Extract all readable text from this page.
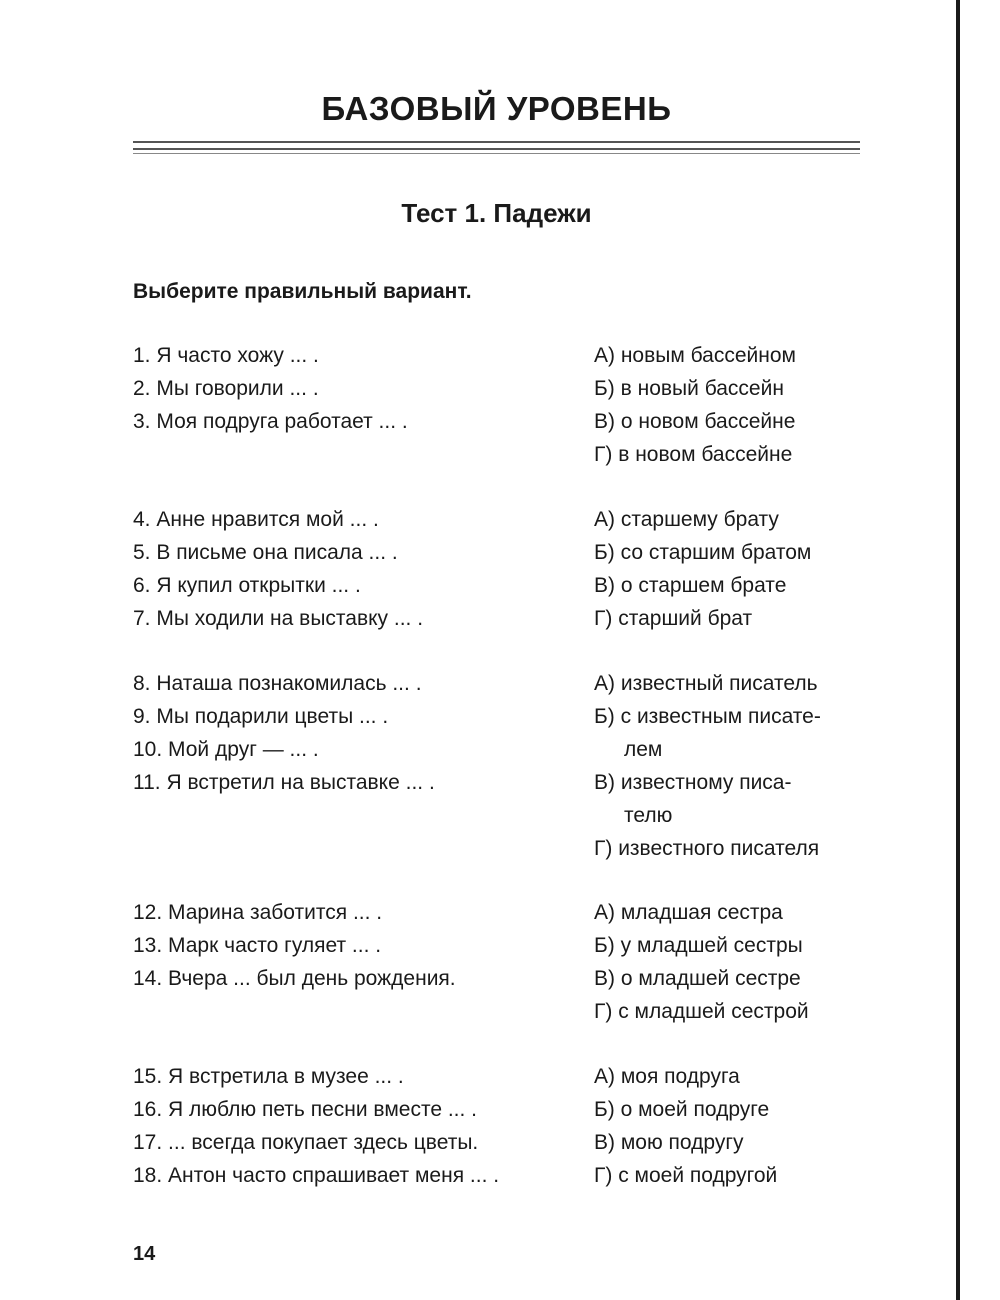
БАЗОВЫЙ УРОВЕНЬ
Тест 1. Падежи
Выберите правильный вариант.
1. Я часто хожу ... .
2. Мы говорили ... .
3. Моя подруга работает ... .
А) новым бассейном
Б) в новый бассейн
В) о новом бассейне
Г) в новом бассейне
4. Анне нравится мой ... .
5. В письме она писала ... .
6. Я купил открытки ... .
7. Мы ходили на выставку ... .
А) старшему брату
Б) со старшим братом
В) о старшем брате
Г) старший брат
8. Наташа познакомилась ... .
9. Мы подарили цветы ... .
10. Мой друг — ... .
11. Я встретил на выставке ... .
А) известный писатель
Б) с известным писате-
лем
В) известному писа-
телю
Г) известного писателя
12. Марина заботится ... .
13. Марк часто гуляет ... .
14. Вчера ... был день рождения.
А) младшая сестра
Б) у младшей сестры
В) о младшей сестре
Г) с младшей сестрой
15. Я встретила в музее ... .
16. Я люблю петь песни вместе ... .
17. ... всегда покупает здесь цветы.
18. Антон часто спрашивает меня ... .
А) моя подруга
Б) о моей подруге
В) мою подругу
Г) с моей подругой
14
